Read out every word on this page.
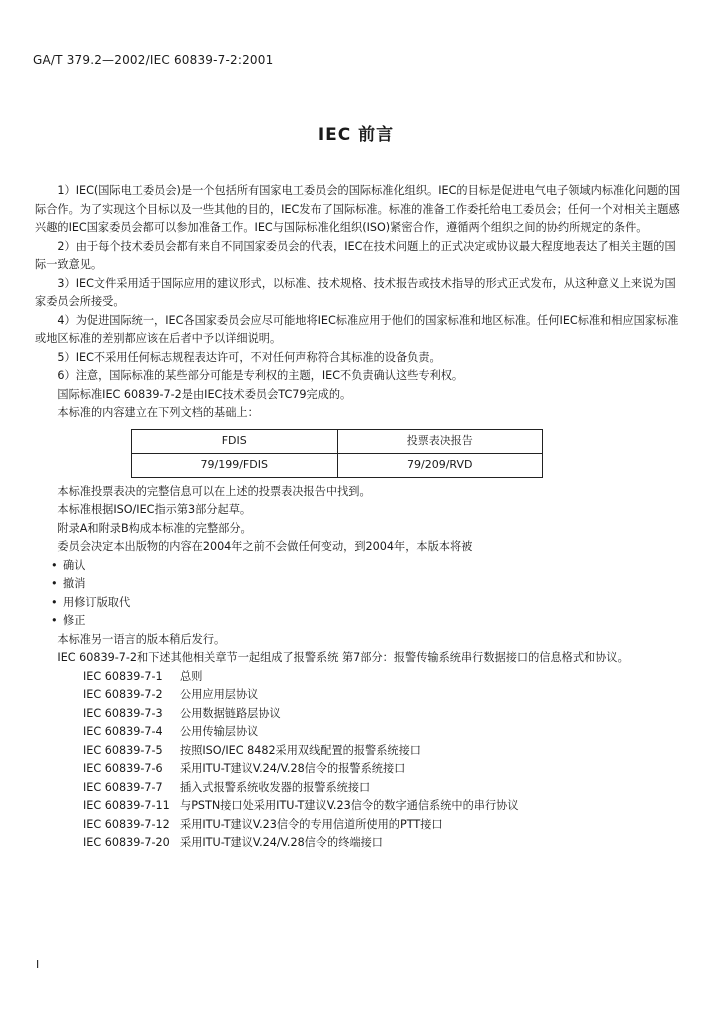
GA/T 379.2—2002/IEC 60839-7-2:2001
IEC 前言

1）IEC(国际电工委员会)是一个包括所有国家电工委员会的国际标准化组织。IEC的目标是促进电气电子领域内标准化问题的国际合作。为了实现这个目标以及一些其他的目的，IEC发布了国际标准。标准的准备工作委托给电工委员会；任何一个对相关主题感兴趣的IEC国家委员会都可以参加准备工作。IEC与国际标准化组织(ISO)紧密合作，遵循两个组织之间的协约所规定的条件。

2）由于每个技术委员会都有来自不同国家委员会的代表，IEC在技术问题上的正式决定或协议最大程度地表达了相关主题的国际一致意见。

3）IEC文件采用适于国际应用的建议形式，以标准、技术规格、技术报告或技术指导的形式正式发布，从这种意义上来说为国家委员会所接受。

4）为促进国际统一，IEC各国家委员会应尽可能地将IEC标准应用于他们的国家标准和地区标准。任何IEC标准和相应国家标准或地区标准的差别都应该在后者中予以详细说明。

5）IEC不采用任何标志规程表达许可，不对任何声称符合其标准的设备负责。

6）注意，国际标准的某些部分可能是专利权的主题，IEC不负责确认这些专利权。

国际标准IEC 60839-7-2是由IEC技术委员会TC79完成的。

本标准的内容建立在下列文档的基础上：

FDIS	投票表决报告
79/199/FDIS	79/209/RVD

本标准投票表决的完整信息可以在上述的投票表决报告中找到。

本标准根据ISO/IEC指示第3部分起草。

附录A和附录B构成本标准的完整部分。

委员会决定本出版物的内容在2004年之前不会做任何变动，到2004年，本版本将被

• 确认

• 撤消

• 用修订版取代

• 修正

本标准另一语言的版本稍后发行。

IEC 60839-7-2和下述其他相关章节一起组成了报警系统 第7部分：报警传输系统串行数据接口的信息格式和协议。

IEC 60839-7-1 总则

IEC 60839-7-2 公用应用层协议

IEC 60839-7-3 公用数据链路层协议

IEC 60839-7-4 公用传输层协议

IEC 60839-7-5 按照ISO/IEC 8482采用双线配置的报警系统接口

IEC 60839-7-6 采用ITU-T建议V.24/V.28信令的报警系统接口

IEC 60839-7-7 插入式报警系统收发器的报警系统接口

IEC 60839-7-11 与PSTN接口处采用ITU-T建议V.23信令的数字通信系统中的串行协议

IEC 60839-7-12 采用ITU-T建议V.23信令的专用信道所使用的PTT接口

IEC 60839-7-20 采用ITU-T建议V.24/V.28信令的终端接口

I
